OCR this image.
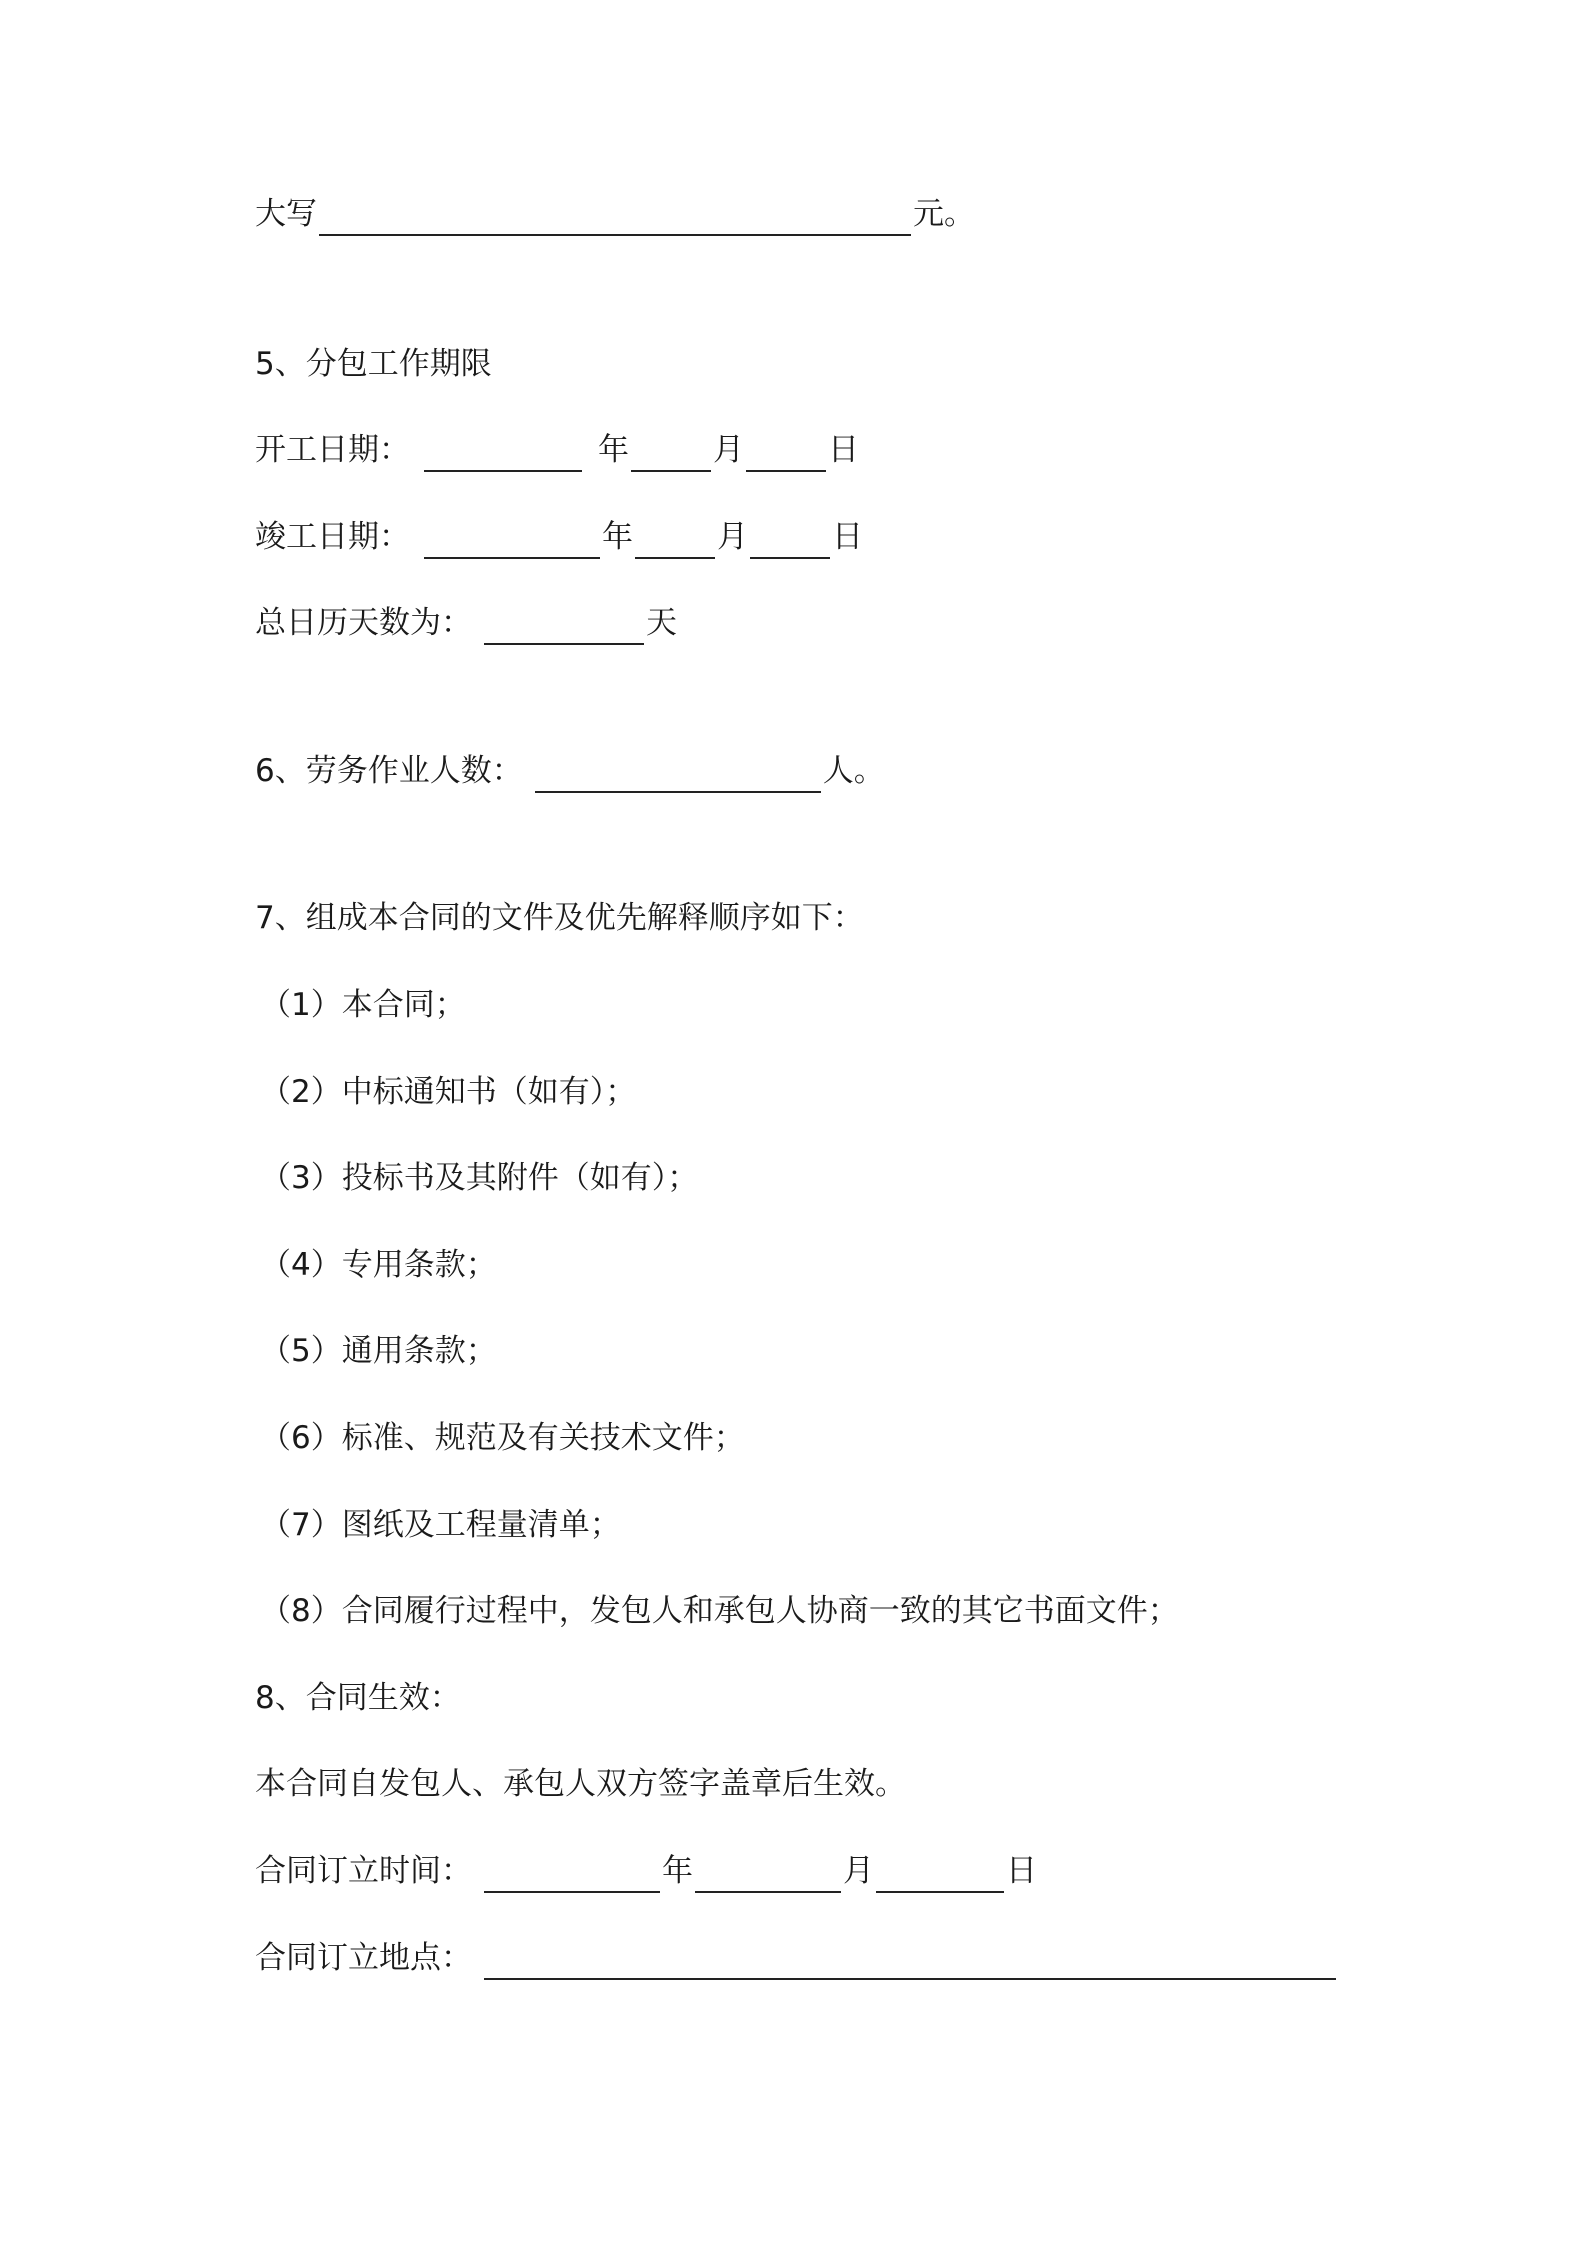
大写	元。
5、分包工作期限
开工日期：	年	月	日
竣工日期：	年	月	日
总日历天数为：	天
6、劳务作业人数：	人。
7、组成本合同的文件及优先解释顺序如下：
（1）本合同；
（2）中标通知书（如有）；
（3）投标书及其附件（如有）；
（4）专用条款；
（5）通用条款；
（6）标准、规范及有关技术文件；
（7）图纸及工程量清单；
（8）合同履行过程中，发包人和承包人协商一致的其它书面文件；
8、合同生效：
本合同自发包人、承包人双方签字盖章后生效。
合同订立时间：	年	月	日
合同订立地点：
